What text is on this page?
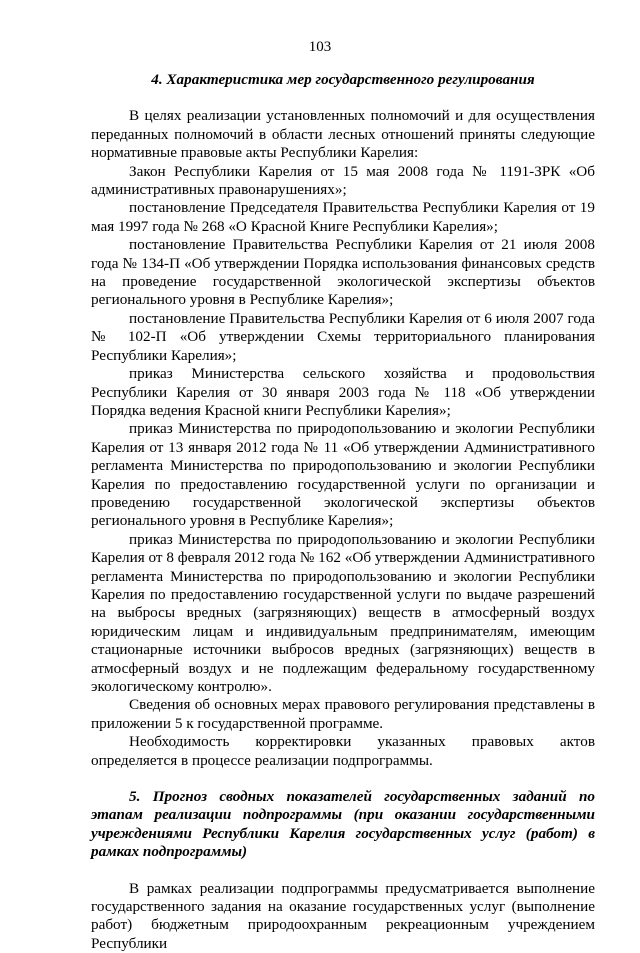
103
4. Характеристика мер государственного регулирования

В целях реализации установленных полномочий и для осуществления переданных полномочий в области лесных отношений приняты следующие нормативные правовые акты Республики Карелия:

Закон Республики Карелия от 15 мая 2008 года № 1191-ЗРК «Об административных правонарушениях»;

постановление Председателя Правительства Республики Карелия от 19 мая 1997 года № 268 «О Красной Книге Республики Карелия»;

постановление Правительства Республики Карелия от 21 июля 2008 года № 134-П «Об утверждении Порядка использования финансовых средств на проведение государственной экологической экспертизы объектов регионального уровня в Республике Карелия»;

постановление Правительства Республики Карелия от 6 июля 2007 года № 102-П «Об утверждении Схемы территориального планирования Республики Карелия»;

приказ Министерства сельского хозяйства и продовольствия Республики Карелия от 30 января 2003 года № 118 «Об утверждении Порядка ведения Красной книги Республики Карелия»;

приказ Министерства по природопользованию и экологии Республики Карелия от 13 января 2012 года № 11 «Об утверждении Административного регламента Министерства по природопользованию и экологии Республики Карелия по предоставлению государственной услуги по организации и проведению государственной экологической экспертизы объектов регионального уровня в Республике Карелия»;

приказ Министерства по природопользованию и экологии Республики Карелия от 8 февраля 2012 года № 162 «Об утверждении Административного регламента Министерства по природопользованию и экологии Республики Карелия по предоставлению государственной услуги по выдаче разрешений на выбросы вредных (загрязняющих) веществ в атмосферный воздух юридическим лицам и индивидуальным предпринимателям, имеющим стационарные источники выбросов вредных (загрязняющих) веществ в атмосферный воздух и не подлежащим федеральному государственному экологическому контролю».

Сведения об основных мерах правового регулирования представлены в приложении 5 к государственной программе.

Необходимость корректировки указанных правовых актов определяется в процессе реализации подпрограммы.

5. Прогноз сводных показателей государственных заданий по этапам реализации подпрограммы (при оказании государственными учреждениями Республики Карелия государственных услуг (работ) в рамках подпрограммы)

В рамках реализации подпрограммы предусматривается выполнение государственного задания на оказание государственных услуг (выполнение работ) бюджетным природоохранным рекреационным учреждением Республики
